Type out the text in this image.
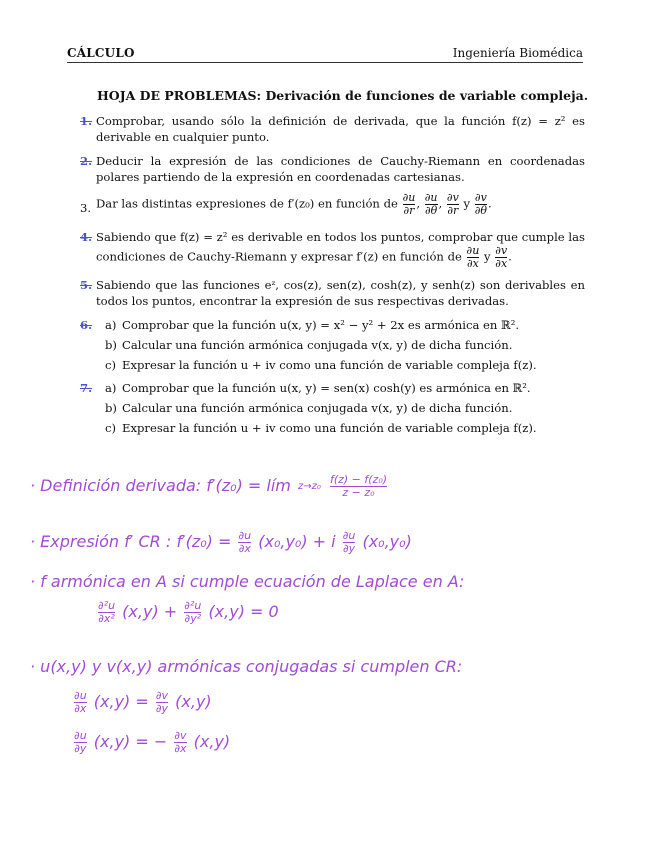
CÁLCULO	Ingeniería Biomédica
HOJA DE PROBLEMAS: Derivación de funciones de variable compleja.
1. Comprobar, usando sólo la definición de derivada, que la función f(z) = z² es derivable en cualquier punto.
2. Deducir la expresión de las condiciones de Cauchy-Riemann en coordenadas polares partiendo de la expresión en coordenadas cartesianas.
3. Dar las distintas expresiones de f′(z₀) en función de $\frac{\partial u}{\partial r}$ , $\frac{\partial u}{\partial\theta}$ , $\frac{\partial v}{\partial r}$ y $\frac{\partial v}{\partial\theta}$ .
4. Sabiendo que f(z) = z² es derivable en todos los puntos, comprobar que cumple las condiciones de Cauchy-Riemann y expresar f′(z) en función de $\frac{\partial u}{\partial x}$ y $\frac{\partial v}{\partial x}$ .
5. Sabiendo que las funciones eᶻ, cos(z), sen(z), cosh(z), y senh(z) son derivables en todos los puntos, encontrar la expresión de sus respectivas derivadas.
6.	a) Comprobar que la función u(x, y) = x² − y² + 2x es armónica en ℝ².
b) Calcular una función armónica conjugada v(x, y) de dicha función.
c) Expresar la función u + iv como una función de variable compleja f(z).
7.	a) Comprobar que la función u(x, y) = sen(x) cosh(y) es armónica en ℝ².
b) Calcular una función armónica conjugada v(x, y) de dicha función.
c) Expresar la función u + iv como una función de variable compleja f(z).
· Definición derivada: f′(z₀) = lím z→z₀
$\frac{\text{f(z) − f(z₀)}}{\text{z − z₀}}$
· Expresión f′ CR : $f'(z_0) = \frac{\partial u}{\partial x} (x_0,y_0) + i \frac{\partial u}{\partial y} (x_0,y_0)$
· f armónica en A si cumple ecuación de Laplace en A:
$\frac{\text{∂²u}}{\text{∂x²}} (x,y) + \frac{\text{∂²u}}{\text{∂y²}} (x,y) = 0$
· u(x,y) y v(x,y) armónicas conjugadas si cumplen CR:
$\frac{\partial u}{\partial x} (x,y) = \frac{\partial v}{\partial y} (x,y)$
$\frac{\partial u}{\partial y} (x,y)$ = − $\frac{\partial v}{\partial x} (x,y)$
